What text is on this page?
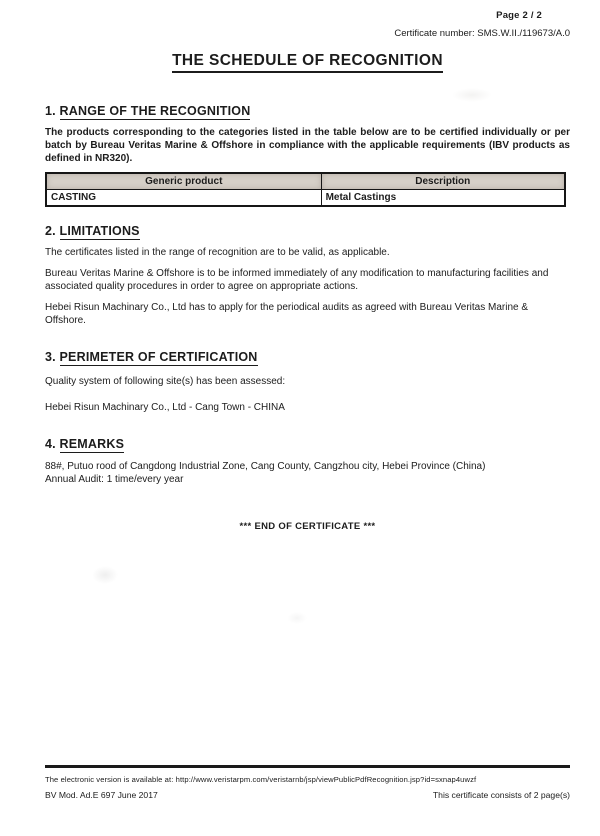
Page 2 / 2
Certificate number: SMS.W.II./119673/A.0
THE SCHEDULE OF RECOGNITION
1. RANGE OF THE RECOGNITION
The products corresponding to the categories listed in the table below are to be certified individually or per batch by Bureau Veritas Marine & Offshore in compliance with the applicable requirements (IBV products as defined in NR320).
Generic product	Description
CASTING	Metal Castings
2. LIMITATIONS
The certificates listed in the range of recognition are to be valid, as applicable.
Bureau Veritas Marine & Offshore is to be informed immediately of any modification to manufacturing facilities and associated quality procedures in order to agree on appropriate actions.
Hebei Risun Machinary Co., Ltd has to apply for the periodical audits as agreed with Bureau Veritas Marine & Offshore.
3. PERIMETER OF CERTIFICATION
Quality system of following site(s) has been assessed:
Hebei Risun Machinary Co., Ltd - Cang Town - CHINA
4. REMARKS
88#, Putuo rood of Cangdong Industrial Zone, Cang County, Cangzhou city, Hebei Province (China)
Annual Audit: 1 time/every year
*** END OF CERTIFICATE ***
The electronic version is available at: http://www.veristarpm.com/veristarnb/jsp/viewPublicPdfRecognition.jsp?id=sxnap4uwzf
BV Mod. Ad.E 697 June 2017	This certificate consists of 2 page(s)
